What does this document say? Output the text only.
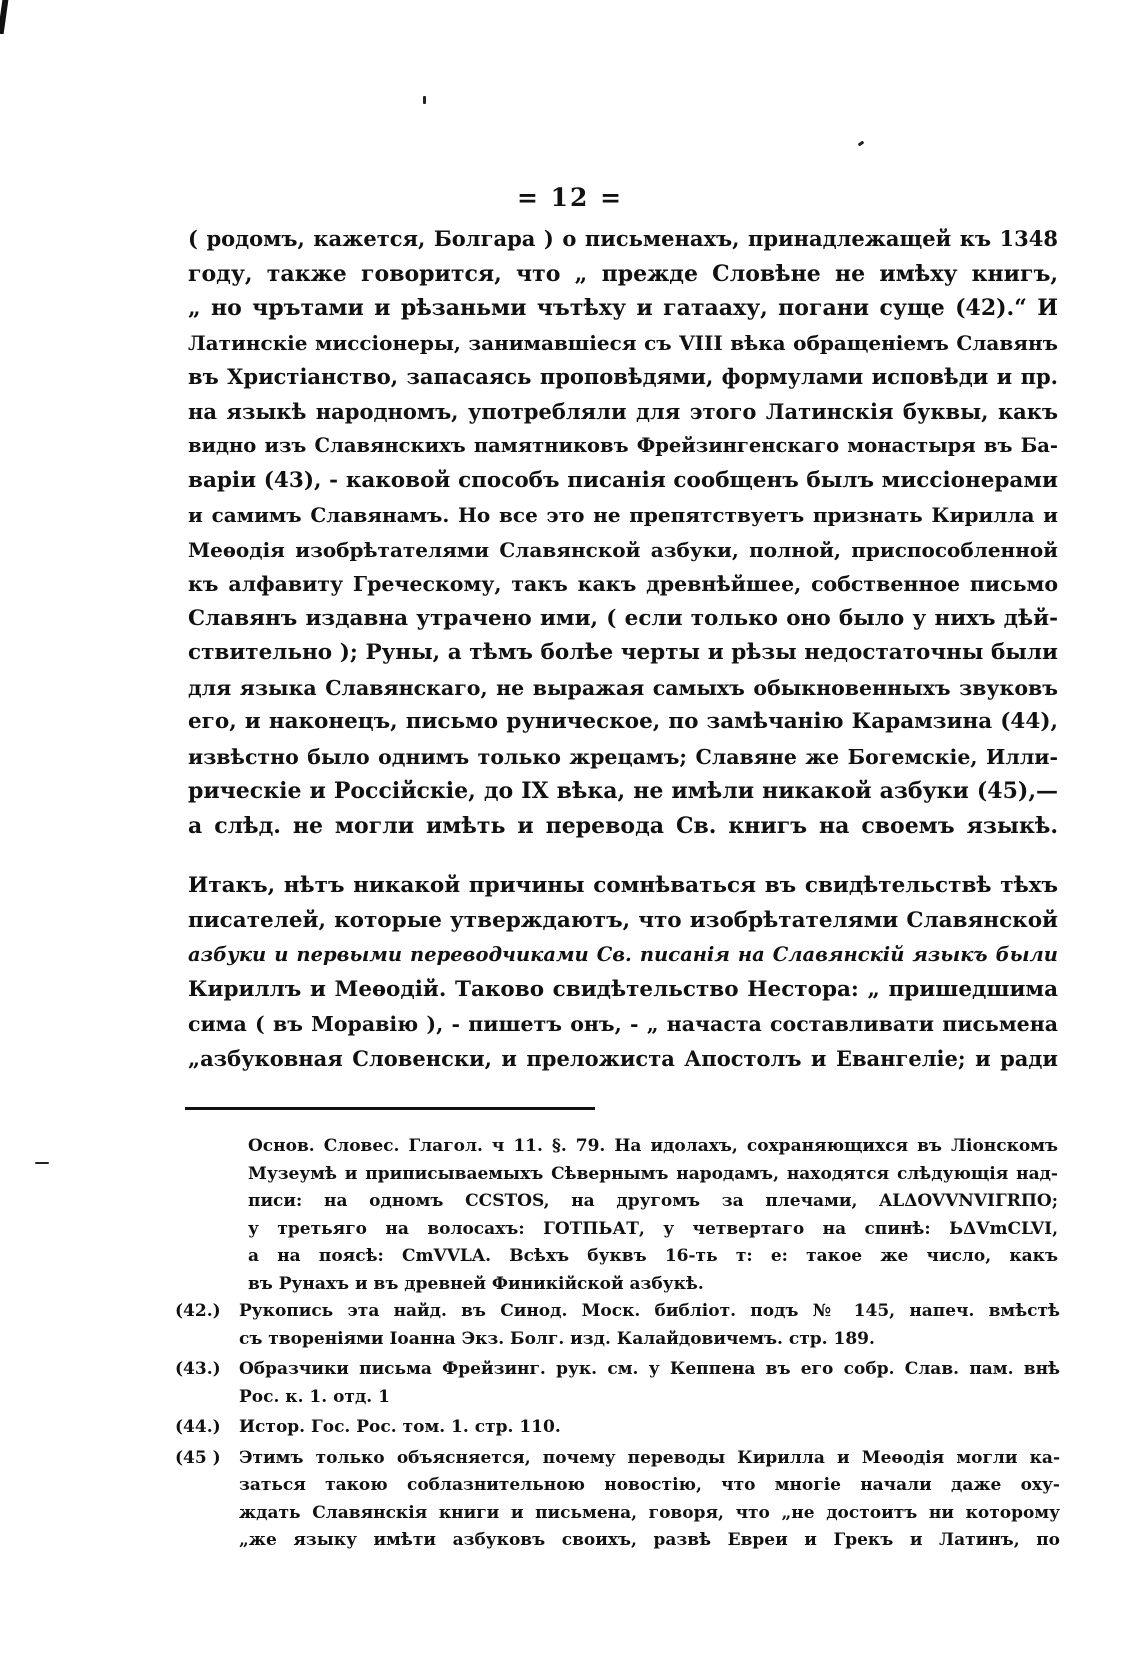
= 12 =
( родомъ, кажется, Болгара ) о письменахъ, принадлежащей къ 1348
году, также говорится, что „ прежде Словѣне не имѣху книгъ,
„ но чрътами и рѣзаньми чътѣху и гатааху, погани суще (42).“ И
Латинскіе миссіонеры, занимавшіеся съ VIII вѣка обращеніемъ Славянъ
въ Христіанство, запасаясь проповѣдями, формулами исповѣди и пр.
на языкѣ народномъ, употребляли для этого Латинскія буквы, какъ
видно изъ Славянскихъ памятниковъ Фрейзингенскаго монастыря въ Ба-
варіи (43), - каковой способъ писанія сообщенъ былъ миссіонерами
и самимъ Славянамъ. Но все это не препятствуетъ признать Кирилла и
Меѳодія изобрѣтателями Славянской азбуки, полной, приспособленной
къ алфавиту Греческому, такъ какъ древнѣйшее, собственное письмо
Славянъ издавна утрачено ими, ( если только оно было у нихъ дѣй-
ствительно ); Руны, а тѣмъ болѣе черты и рѣзы недостаточны были
для языка Славянскаго, не выражая самыхъ обыкновенныхъ звуковъ
его, и наконецъ, письмо руническое, по замѣчанію Карамзина (44),
извѣстно было однимъ только жрецамъ; Славяне же Богемскіе, Илли-
рическіе и Россійскіе, до IX вѣка, не имѣли никакой азбуки (45),—
а слѣд. не могли имѣть и перевода Св. книгъ на своемъ языкѣ.
Итакъ, нѣтъ никакой причины сомнѣваться въ свидѣтельствѣ тѣхъ
писателей, которые утверждаютъ, что изобрѣтателями Славянской
азбуки и первыми переводчиками Св. писанія на Славянскій языкъ были
Кириллъ и Меѳодій. Таково свидѣтельство Нестора: „ пришедшима
сима ( въ Моравію ), - пишетъ онъ, - „ начаста составливати письмена
„азбуковная Словенски, и преложиста Апостолъ и Евангеліе; и ради
Основ. Словес. Глагол. ч 11. §. 79. На идолахъ, сохраняющихся въ Ліонскомъ
Музеумѣ и приписываемыхъ Сѣвернымъ народамъ, находятся слѣдующія над-
писи: на одномъ CCSTOS, на другомъ за плечами, ALΔOVVNVIГRПO;
у третьяго на волосахъ: ГОТПЬАТ, у четвертаго на спинѣ: ЬΔVmCLVI,
а на поясѣ: CmVVLA. Всѣхъ буквъ 16-ть т: е: такое же число, какъ
въ Рунахъ и въ древней Финикійской азбукѣ.
(42.) Рукопись эта найд. въ Синод. Моск. библіот. подъ № 145, напеч. вмѣстѣ
съ твореніями Іоанна Экз. Болг. изд. Калайдовичемъ. стр. 189.
(43.) Образчики письма Фрейзинг. рук. см. у Кеппена въ его собр. Слав. пам. внѣ
Рос. к. 1. отд. 1
(44.) Истор. Гос. Рос. том. 1. стр. 110.
(45 ) Этимъ только объясняется, почему переводы Кирилла и Меѳодія могли ка-
заться такою соблазнительною новостію, что многіе начали даже оху-
ждать Славянскія книги и письмена, говоря, что „не достоитъ ни которому
„же языку имѣти азбуковъ своихъ, развѣ Евреи и Грекъ и Латинъ, по
